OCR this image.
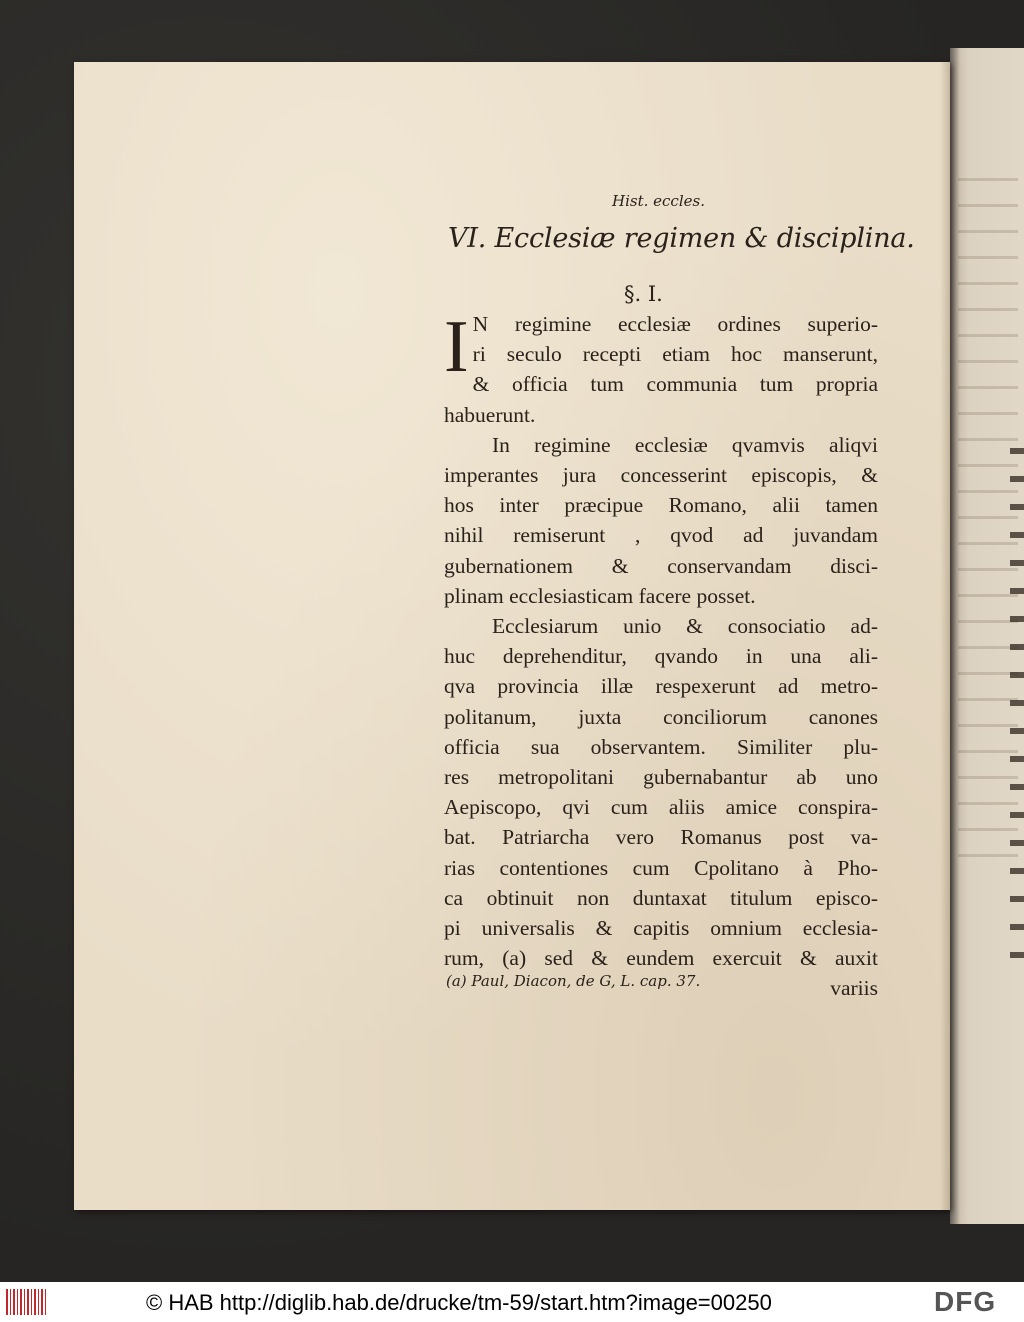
Hist. eccles.
VI. Ecclesiæ regimen & disciplina.
§. I.
I N regimine ecclesiæ ordines superio-
ri seculo recepti etiam hoc manserunt,
& officia tum communia tum propria
habuerunt.
In regimine ecclesiæ qvamvis aliqvi
imperantes jura concesserint episcopis, &
hos inter præcipue Romano, alii tamen
nihil remiserunt , qvod ad juvandam
gubernationem & conservandam disci-
plinam ecclesiasticam facere posset.
Ecclesiarum unio & consociatio ad-
huc deprehenditur, qvando in una ali-
qva provincia illæ respexerunt ad metro-
politanum, juxta conciliorum canones
officia sua observantem. Similiter plu-
res metropolitani gubernabantur ab uno
Aepiscopo, qvi cum aliis amice conspira-
bat. Patriarcha vero Romanus post va-
rias contentiones cum Cpolitano à Pho-
ca obtinuit non duntaxat titulum episco-
pi universalis & capitis omnium ecclesia-
rum, (a) sed & eundem exercuit & auxit
variis
(a) Paul, Diacon, de G, L. cap. 37.
© HAB http://diglib.hab.de/drucke/tm-59/start.htm?image=00250	DFG
